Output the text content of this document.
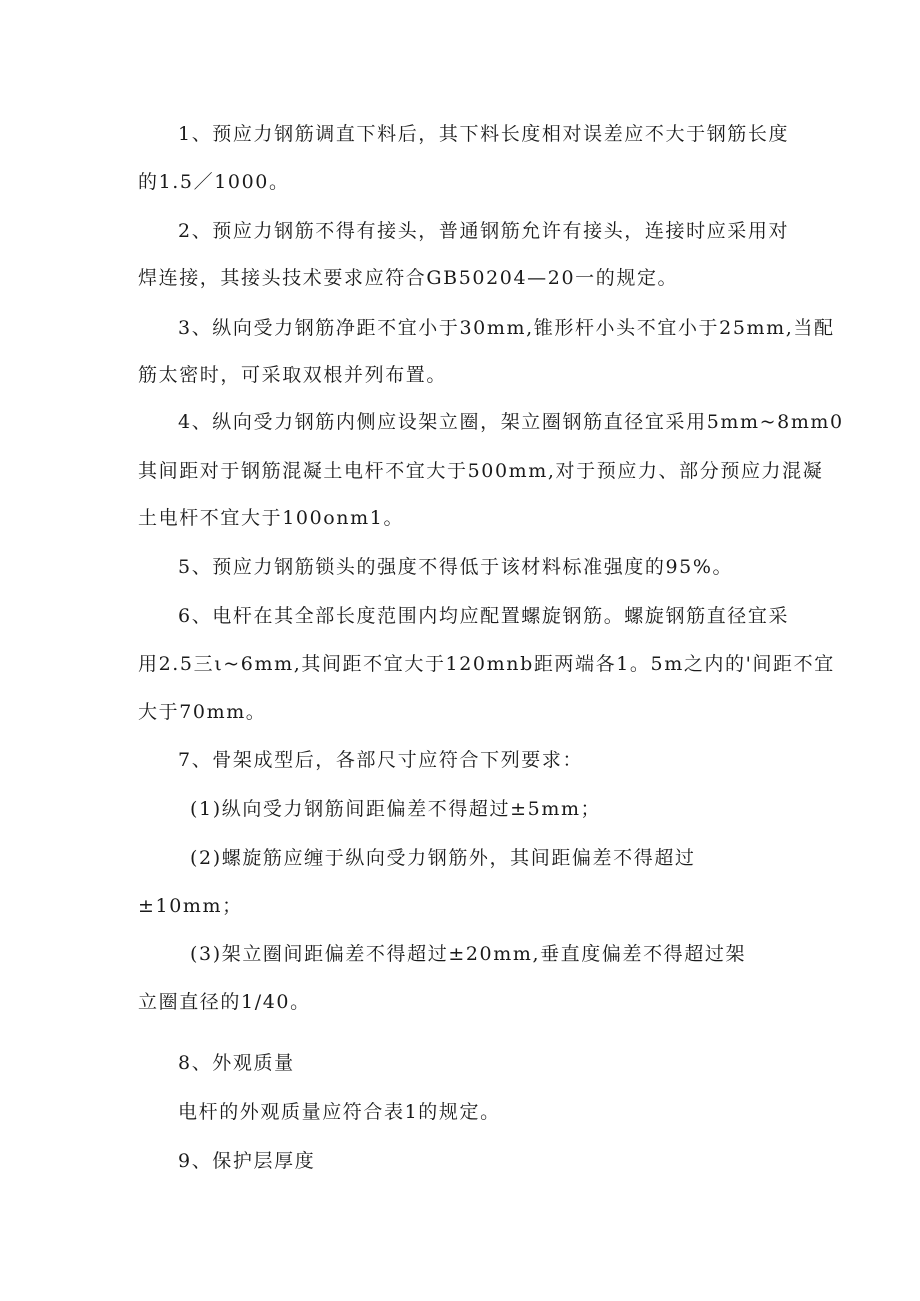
1、预应力钢筋调直下料后，其下料长度相对误差应不大于钢筋长度
的1.5／1000。
2、预应力钢筋不得有接头，普通钢筋允许有接头，连接时应采用对
焊连接，其接头技术要求应符合GB50204—20一的规定。
3、纵向受力钢筋净距不宜小于30mm,锥形杆小头不宜小于25mm,当配
筋太密时，可采取双根并列布置。
4、纵向受力钢筋内侧应设架立圈，架立圈钢筋直径宜采用5mm~8mm0
其间距对于钢筋混凝土电杆不宜大于500mm,对于预应力、部分预应力混凝
土电杆不宜大于100onm1。
5、预应力钢筋锁头的强度不得低于该材料标准强度的95%。
6、电杆在其全部长度范围内均应配置螺旋钢筋。螺旋钢筋直径宜采
用2.5三ι~6mm,其间距不宜大于120mnb距两端各1。5m之内的'间距不宜
大于70mm。
7、骨架成型后，各部尺寸应符合下列要求：
(1)纵向受力钢筋间距偏差不得超过±5mm；
(2)螺旋筋应缠于纵向受力钢筋外，其间距偏差不得超过
±10mm；
(3)架立圈间距偏差不得超过±20mm,垂直度偏差不得超过架
立圈直径的1/40。
8、外观质量
电杆的外观质量应符合表1的规定。
9、保护层厚度
